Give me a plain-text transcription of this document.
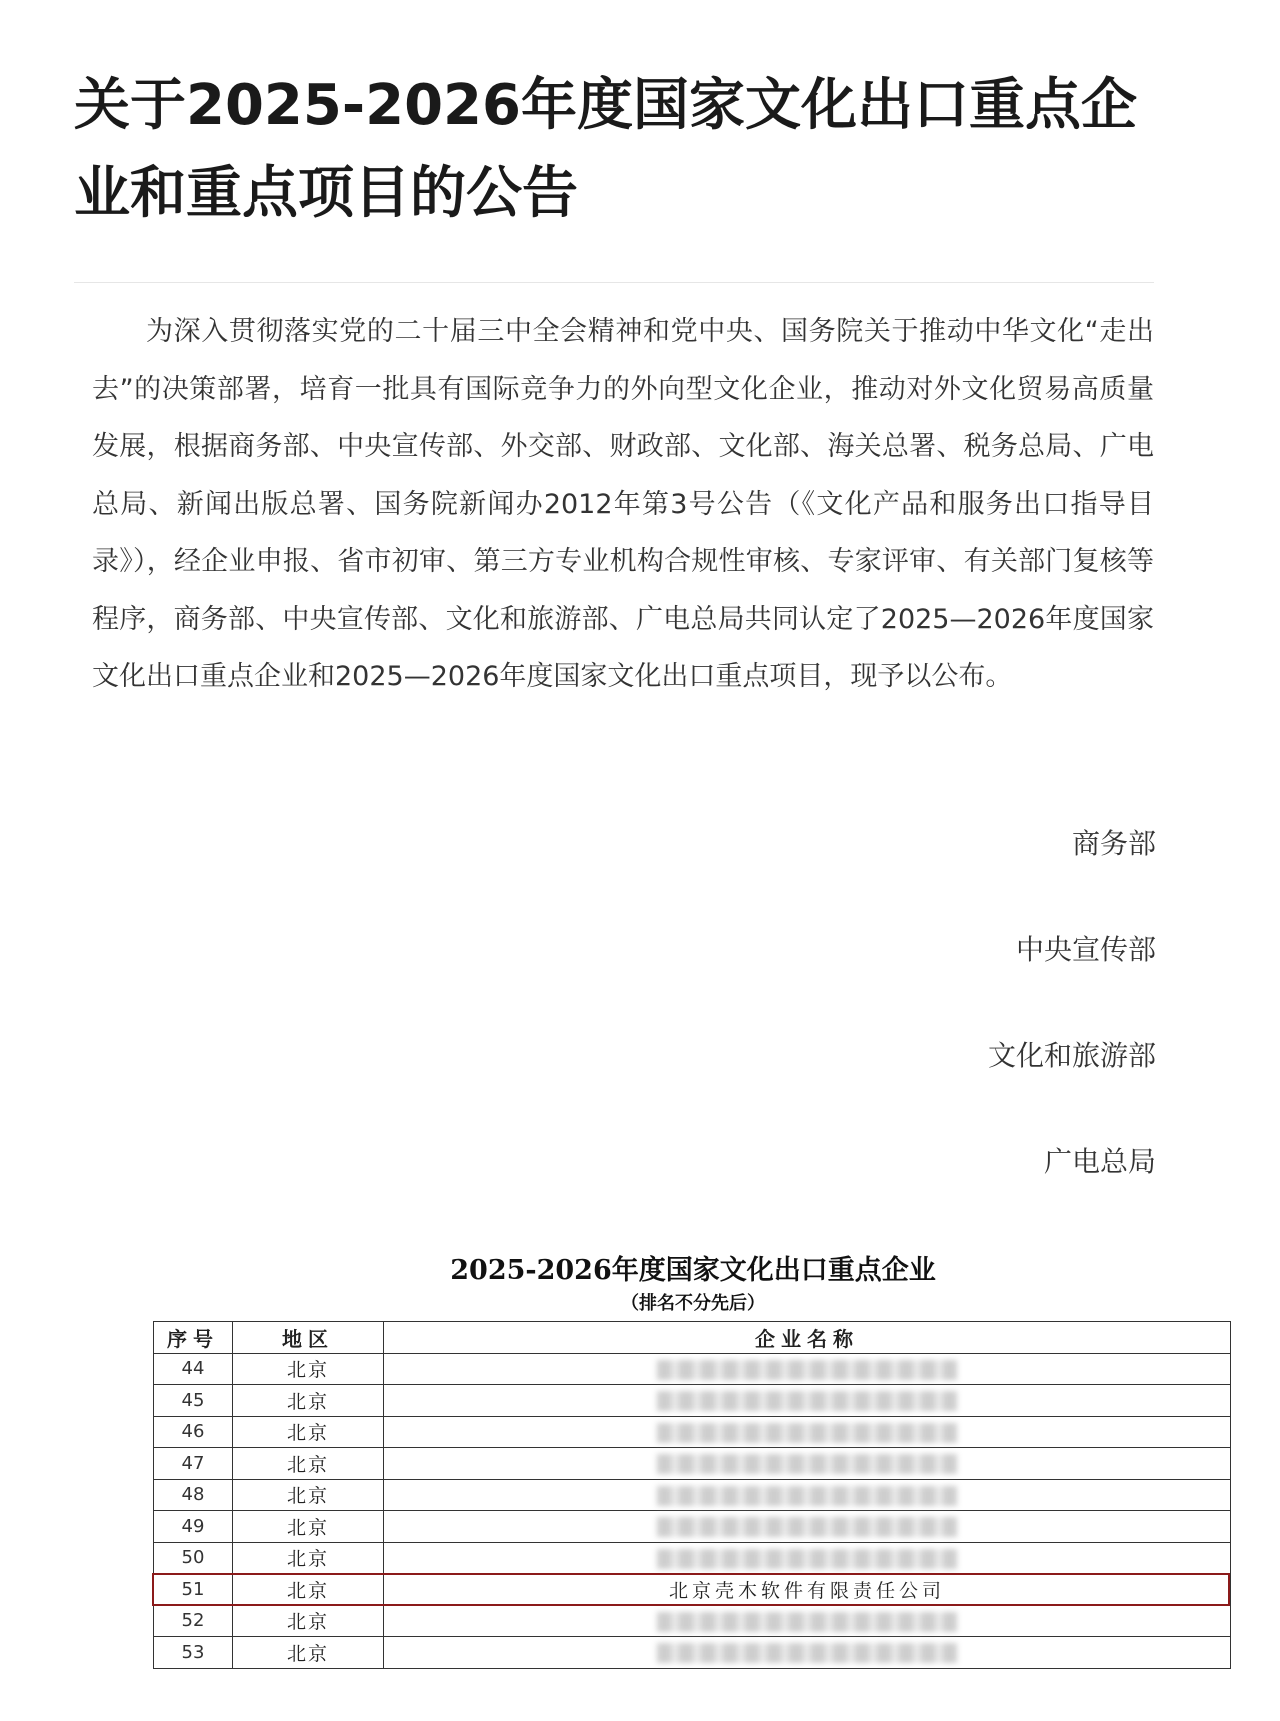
关于2025-2026年度国家文化出口重点企业和重点项目的公告

为深入贯彻落实党的二十届三中全会精神和党中央、国务院关于推动中华文化“走出去”的决策部署，培育一批具有国际竞争力的外向型文化企业，推动对外文化贸易高质量发展，根据商务部、中央宣传部、外交部、财政部、文化部、海关总署、税务总局、广电总局、新闻出版总署、国务院新闻办2012年第3号公告（《文化产品和服务出口指导目录》），经企业申报、省市初审、第三方专业机构合规性审核、专家评审、有关部门复核等程序，商务部、中央宣传部、文化和旅游部、广电总局共同认定了2025—2026年度国家文化出口重点企业和2025—2026年度国家文化出口重点项目，现予以公布。

商务部
中央宣传部
文化和旅游部
广电总局
2025-2026年度国家文化出口重点企业
（排名不分先后）
序号	地区	企业名称
44	北京	
45	北京	
46	北京	
47	北京	
48	北京	
49	北京	
50	北京	
51	北京	北京壳木软件有限责任公司
52	北京	
53	北京	
